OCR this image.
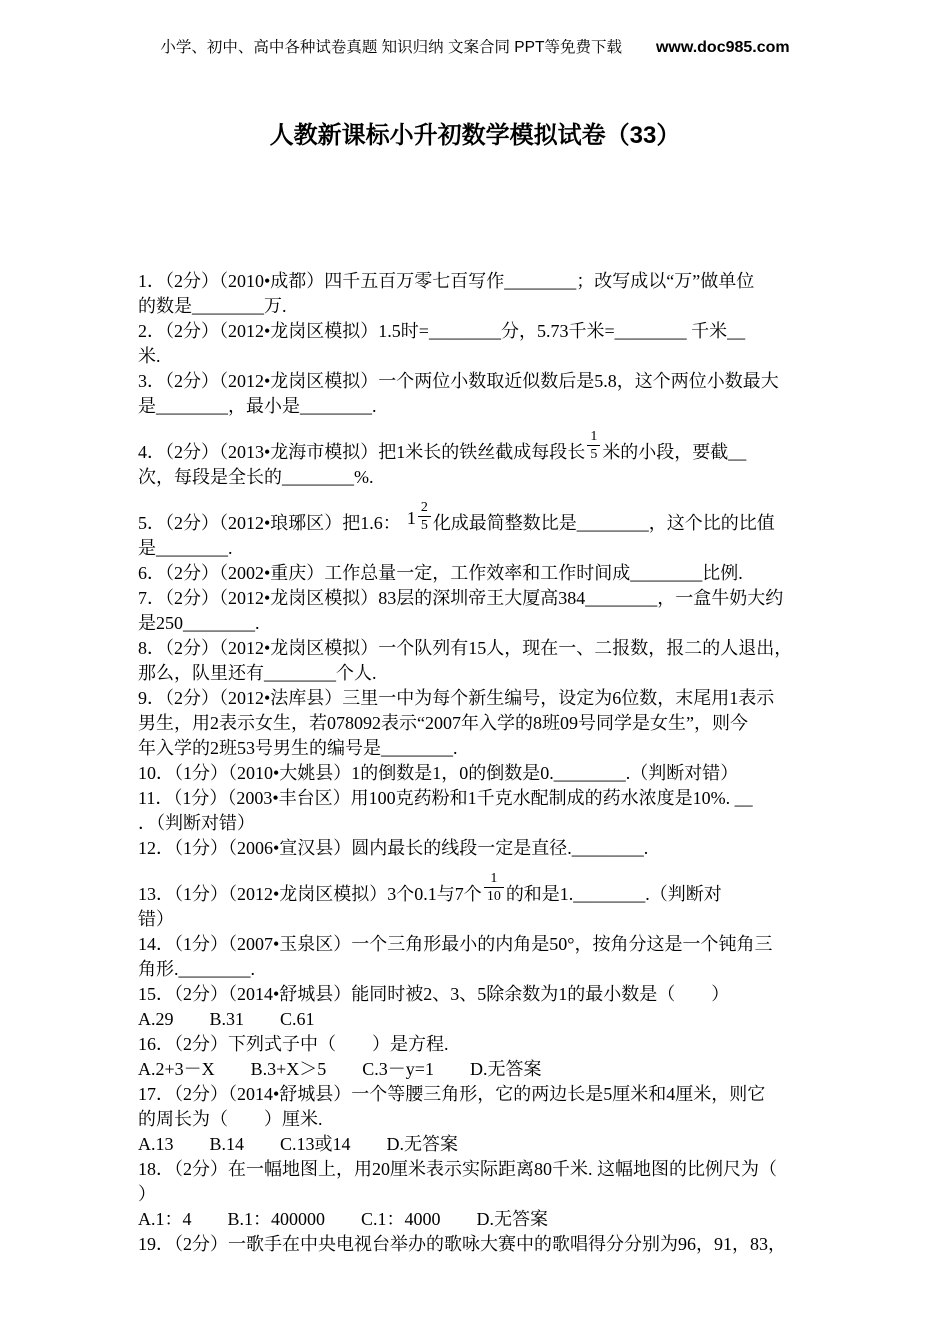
小学、初中、高中各种试卷真题 知识归纳 文案合同 PPT等免费下载 www.doc985.com
人教新课标小升初数学模拟试卷（33）
1．（2分）（2010•成都）四千五百万零七百写作________；改写成以“万”做单位
的数是________万.
2．（2分）（2012•龙岗区模拟）1.5时=________分，5.73千米=________ 千米__
米.
3．（2分）（2012•龙岗区模拟）一个两位小数取近似数后是5.8，这个两位小数最大
是________，最小是________.
4．（2分）（2013•龙海市模拟）把1米长的铁丝截成每段长 $\frac{1}{5}$ 米的小段，要截__
次，每段是全长的________%.
5．（2分）（2012•琅琊区）把1.6： $1 \frac{2}{5}$ 化成最简整数比是________，这个比的比值
是________.
6．（2分）（2002•重庆）工作总量一定，工作效率和工作时间成________比例.
7．（2分）（2012•龙岗区模拟）83层的深圳帝王大厦高384________，一盒牛奶大约
是250________.
8．（2分）（2012•龙岗区模拟）一个队列有15人，现在一、二报数，报二的人退出，
那么，队里还有________个人.
9．（2分）（2012•法库县）三里一中为每个新生编号，设定为6位数，末尾用1表示
男生，用2表示女生，若078092表示“2007年入学的8班09号同学是女生”，则今
年入学的2班53号男生的编号是________.
10．（1分）（2010•大姚县）1的倒数是1，0的倒数是0.________.（判断对错）
11．（1分）（2003•丰台区）用100克药粉和1千克水配制成的药水浓度是10%. __
．（判断对错）
12．（1分）（2006•宣汉县）圆内最长的线段一定是直径.________.
13．（1分）（2012•龙岗区模拟）3个0.1与7个 $\frac{1}{10}$ 的和是1.________.（判断对
错）
14．（1分）（2007•玉泉区）一个三角形最小的内角是50°，按角分这是一个钝角三
角形.________.
15．（2分）（2014•舒城县）能同时被2、3、5除余数为1的最小数是（　　）
A.29　　B.31　　C.61
16．（2分）下列式子中（　　）是方程.
A.2+3－X　　B.3+X＞5　　C.3－y=1　　D.无答案
17．（2分）（2014•舒城县）一个等腰三角形，它的两边长是5厘米和4厘米，则它
的周长为（　　）厘米.
A.13　　B.14　　C.13或14　　D.无答案
18．（2分）在一幅地图上，用20厘米表示实际距离80千米. 这幅地图的比例尺为（
）
A.1：4　　B.1：400000　　C.1：4000　　D.无答案
19．（2分）一歌手在中央电视台举办的歌咏大赛中的歌唱得分分别为96，91，83，
